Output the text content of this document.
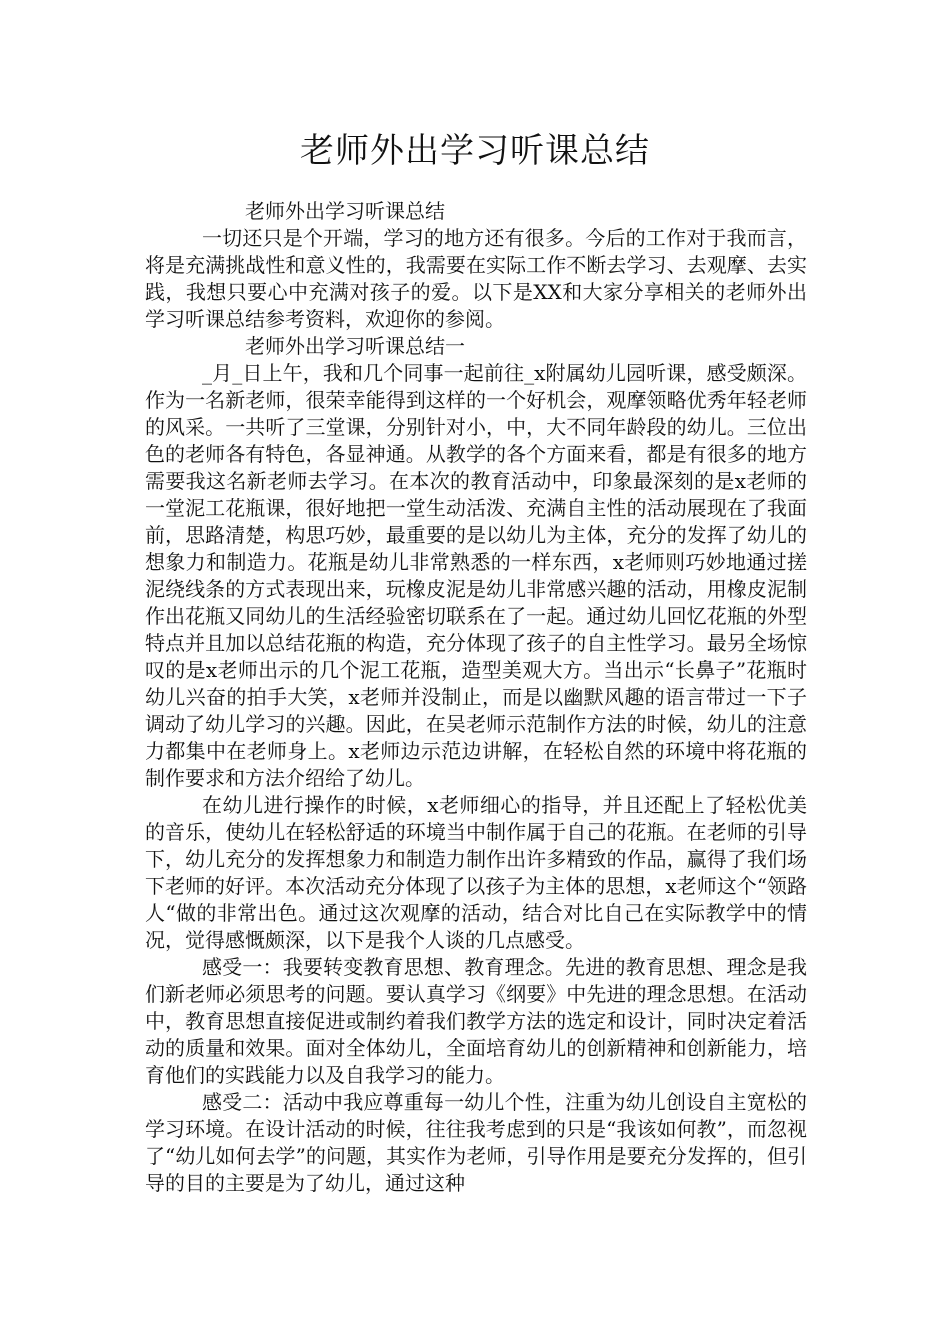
老师外出学习听课总结

老师外出学习听课总结

一切还只是个开端，学习的地方还有很多。今后的工作对于我而言，将是充满挑战性和意义性的，我需要在实际工作不断去学习、去观摩、去实践，我想只要心中充满对孩子的爱。以下是XX和大家分享相关的老师外出学习听课总结参考资料，欢迎你的参阅。

老师外出学习听课总结一

_月_日上午，我和几个同事一起前往_x附属幼儿园听课，感受颇深。作为一名新老师，很荣幸能得到这样的一个好机会，观摩领略优秀年轻老师的风采。一共听了三堂课，分别针对小，中，大不同年龄段的幼儿。三位出色的老师各有特色，各显神通。从教学的各个方面来看，都是有很多的地方需要我这名新老师去学习。在本次的教育活动中，印象最深刻的是x老师的一堂泥工花瓶课，很好地把一堂生动活泼、充满自主性的活动展现在了我面前，思路清楚，构思巧妙，最重要的是以幼儿为主体，充分的发挥了幼儿的想象力和制造力。花瓶是幼儿非常熟悉的一样东西，x老师则巧妙地通过搓泥绕线条的方式表现出来，玩橡皮泥是幼儿非常感兴趣的活动，用橡皮泥制作出花瓶又同幼儿的生活经验密切联系在了一起。通过幼儿回忆花瓶的外型特点并且加以总结花瓶的构造，充分体现了孩子的自主性学习。最另全场惊叹的是x老师出示的几个泥工花瓶，造型美观大方。当出示“长鼻子”花瓶时幼儿兴奋的拍手大笑，x老师并没制止，而是以幽默风趣的语言带过一下子调动了幼儿学习的兴趣。因此，在吴老师示范制作方法的时候，幼儿的注意力都集中在老师身上。x老师边示范边讲解，在轻松自然的环境中将花瓶的制作要求和方法介绍给了幼儿。

在幼儿进行操作的时候，x老师细心的指导，并且还配上了轻松优美的音乐，使幼儿在轻松舒适的环境当中制作属于自己的花瓶。在老师的引导下，幼儿充分的发挥想象力和制造力制作出许多精致的作品，赢得了我们场下老师的好评。本次活动充分体现了以孩子为主体的思想，x老师这个“领路人“做的非常出色。通过这次观摩的活动，结合对比自己在实际教学中的情况，觉得感慨颇深，以下是我个人谈的几点感受。

感受一：我要转变教育思想、教育理念。先进的教育思想、理念是我们新老师必须思考的问题。要认真学习《纲要》中先进的理念思想。在活动中，教育思想直接促进或制约着我们教学方法的选定和设计，同时决定着活动的质量和效果。面对全体幼儿，全面培育幼儿的创新精神和创新能力，培育他们的实践能力以及自我学习的能力。

感受二：活动中我应尊重每一幼儿个性，注重为幼儿创设自主宽松的学习环境。在设计活动的时候，往往我考虑到的只是“我该如何教”，而忽视了“幼儿如何去学”的问题，其实作为老师，引导作用是要充分发挥的，但引导的目的主要是为了幼儿，通过这种
